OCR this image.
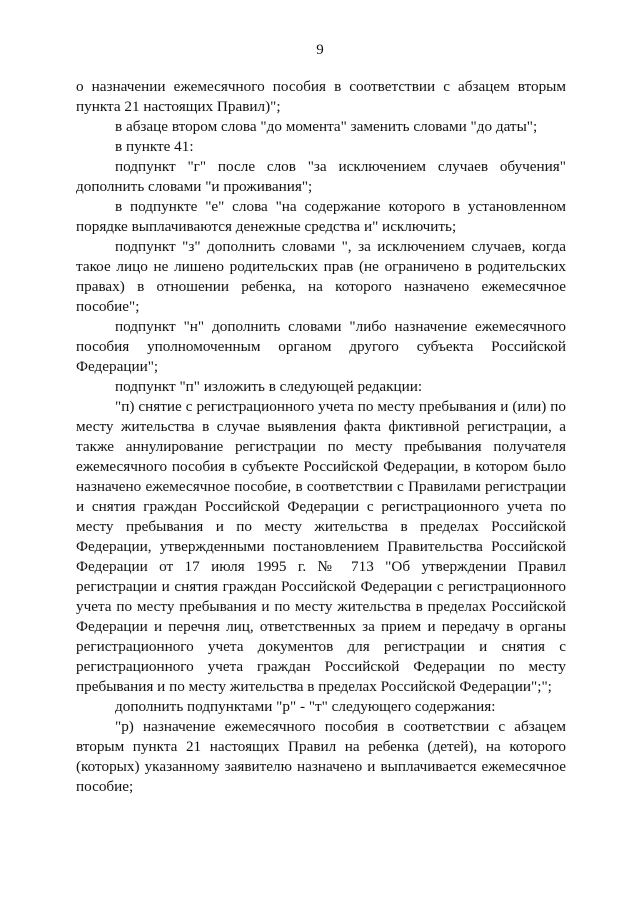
9

о назначении ежемесячного пособия в соответствии с абзацем вторым пункта 21 настоящих Правил)";

в абзаце втором слова "до момента" заменить словами "до даты";

в пункте 41:

подпункт "г" после слов "за исключением случаев обучения" дополнить словами "и проживания";

в подпункте "е" слова "на содержание которого в установленном порядке выплачиваются денежные средства и" исключить;

подпункт "з" дополнить словами ", за исключением случаев, когда такое лицо не лишено родительских прав (не ограничено в родительских правах) в отношении ребенка, на которого назначено ежемесячное пособие";

подпункт "н" дополнить словами "либо назначение ежемесячного пособия уполномоченным органом другого субъекта Российской Федерации";

подпункт "п" изложить в следующей редакции:

"п) снятие с регистрационного учета по месту пребывания и (или) по месту жительства в случае выявления факта фиктивной регистрации, а также аннулирование регистрации по месту пребывания получателя ежемесячного пособия в субъекте Российской Федерации, в котором было назначено ежемесячное пособие, в соответствии с Правилами регистрации и снятия граждан Российской Федерации с регистрационного учета по месту пребывания и по месту жительства в пределах Российской Федерации, утвержденными постановлением Правительства Российской Федерации от 17 июля 1995 г. № 713 "Об утверждении Правил регистрации и снятия граждан Российской Федерации с регистрационного учета по месту пребывания и по месту жительства в пределах Российской Федерации и перечня лиц, ответственных за прием и передачу в органы регистрационного учета документов для регистрации и снятия с регистрационного учета граждан Российской Федерации по месту пребывания и по месту жительства в пределах Российской Федерации";";

дополнить подпунктами "р" - "т" следующего содержания:

"р) назначение ежемесячного пособия в соответствии с абзацем вторым пункта 21 настоящих Правил на ребенка (детей), на которого (которых) указанному заявителю назначено и выплачивается ежемесячное пособие;
